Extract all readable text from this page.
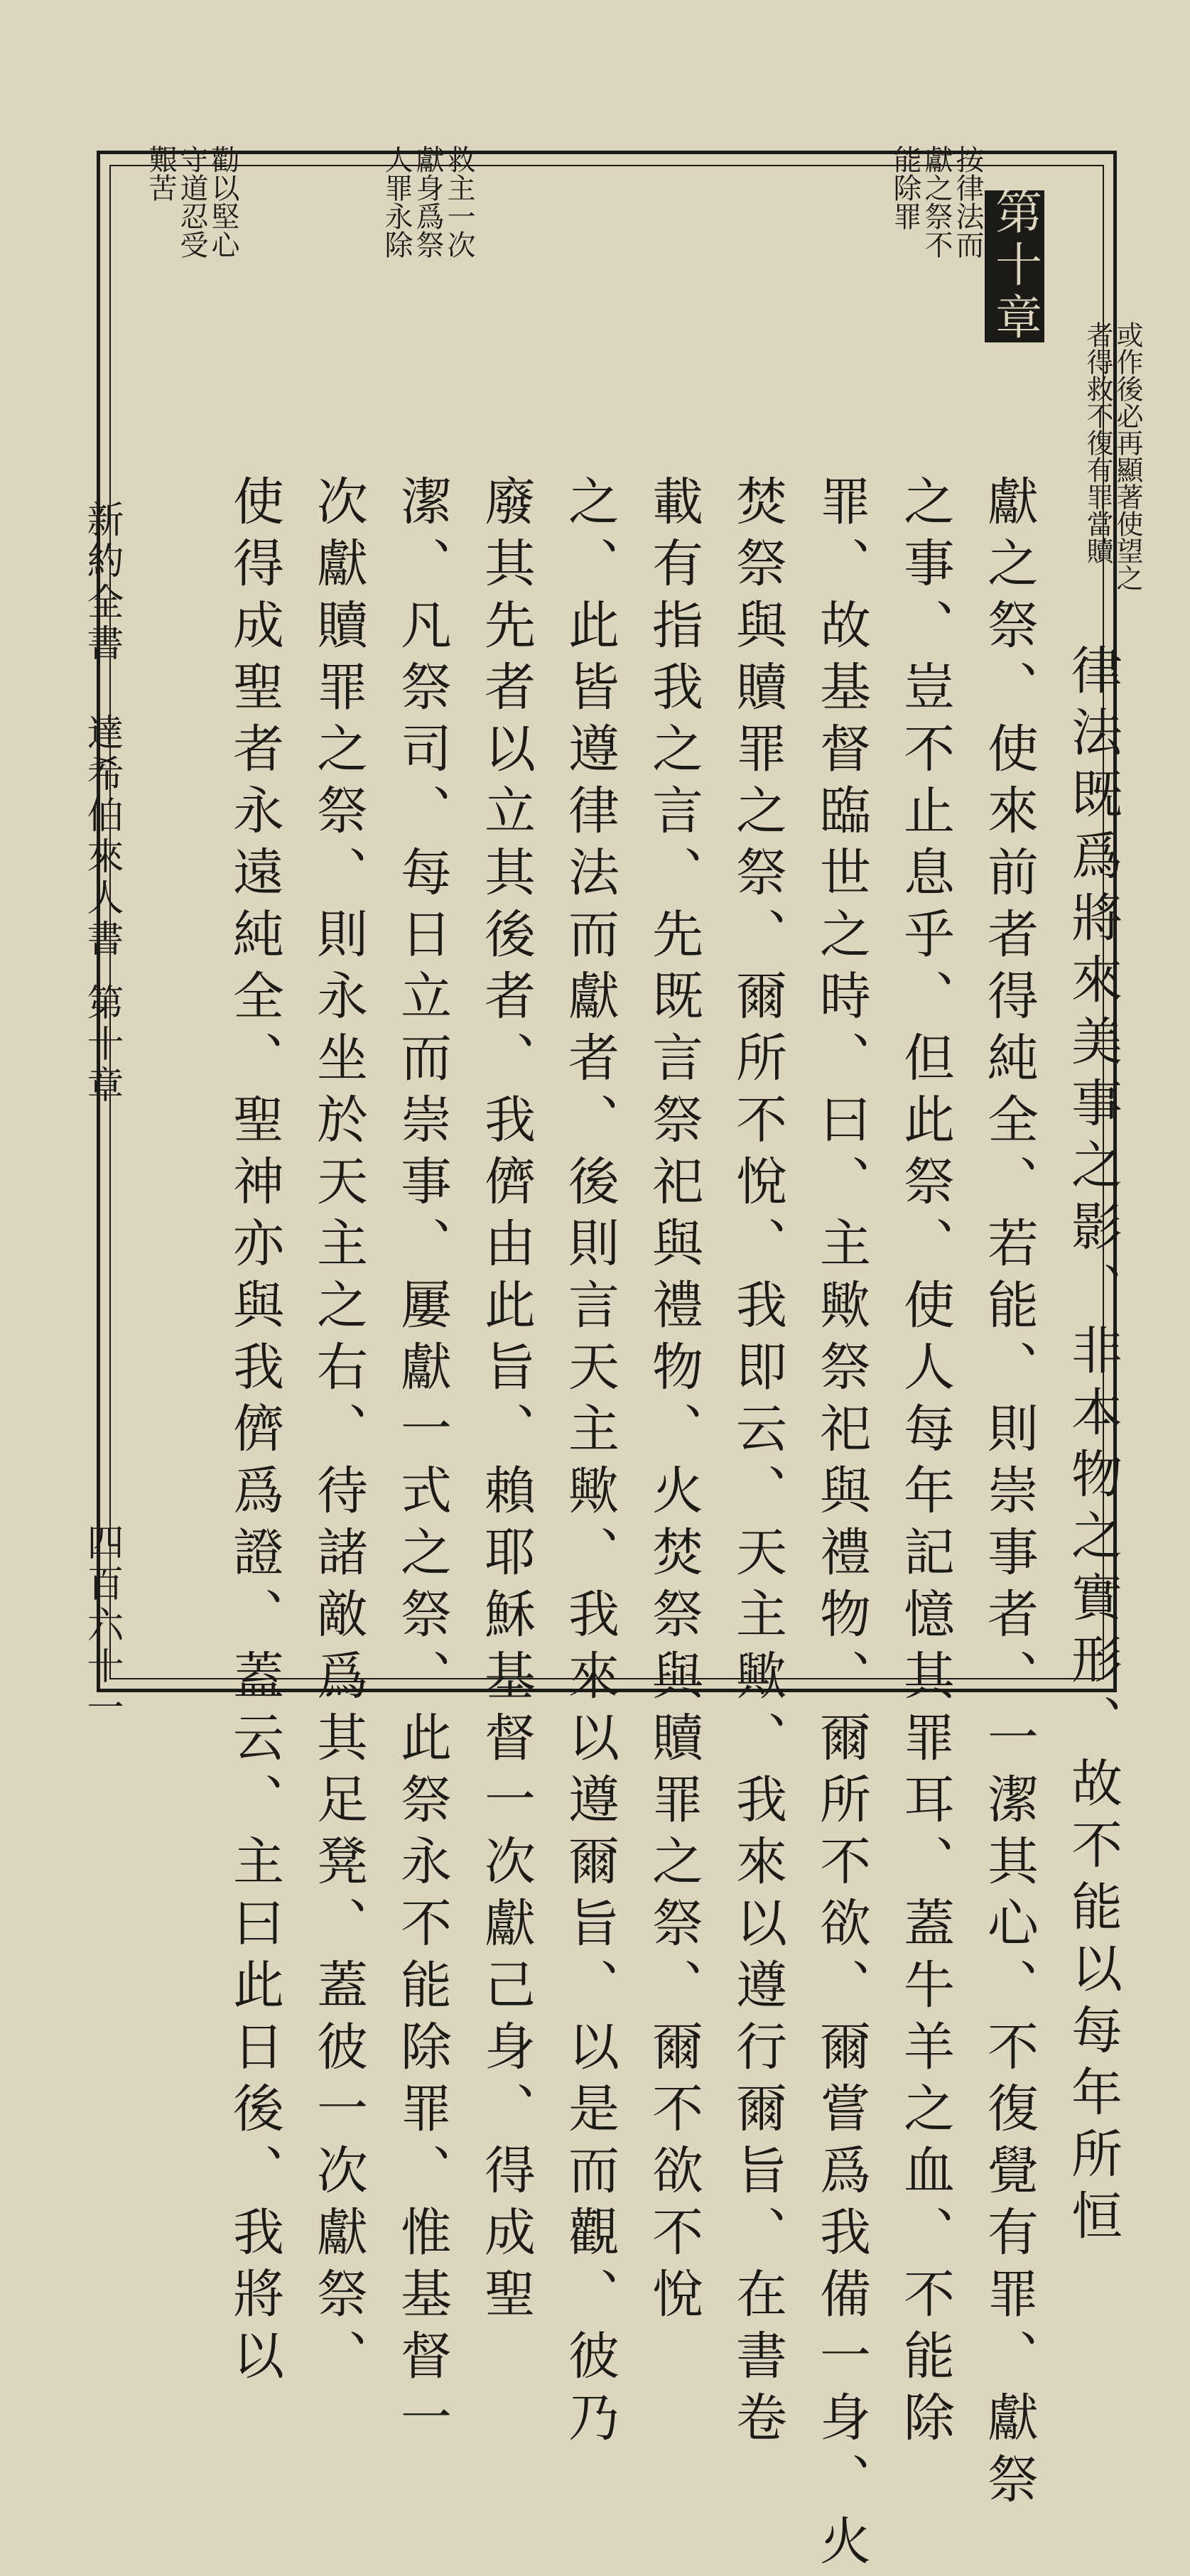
按律法而

獻之祭不

能除罪

救主一次

獻身爲祭

人罪永除

勸以堅心

守道忍受

艱苦

或作後必再顯著使望之

者得救不復有罪當贖

第十章

律法既爲將來美事之影、非本物之實形、故不能以每年所恒

獻之祭、使來前者得純全、若能、則崇事者、一潔其心、不復覺有罪、獻祭

之事、豈不止息乎、但此祭、使人每年記憶其罪耳、蓋牛羊之血、不能除

罪、故基督臨世之時、曰、主歟祭祀與禮物、爾所不欲、爾嘗爲我備一身、火

焚祭與贖罪之祭、爾所不悅、我即云、天主歟、我來以遵行爾旨、在書卷

載有指我之言、先既言祭祀與禮物、火焚祭與贖罪之祭、爾不欲不悅

之、此皆遵律法而獻者、後則言天主歟、我來以遵爾旨、以是而觀、彼乃

廢其先者以立其後者、我儕由此旨、賴耶穌基督一次獻己身、得成聖

潔、凡祭司、每日立而崇事、屢獻一式之祭、此祭永不能除罪、惟基督一

次獻贖罪之祭、則永坐於天主之右、待諸敵爲其足凳、蓋彼一次獻祭、

使得成聖者永遠純全、聖神亦與我儕爲證、蓋云、主曰此日後、我將以

新約全書

達希伯來人書

第十章

四百六十一
